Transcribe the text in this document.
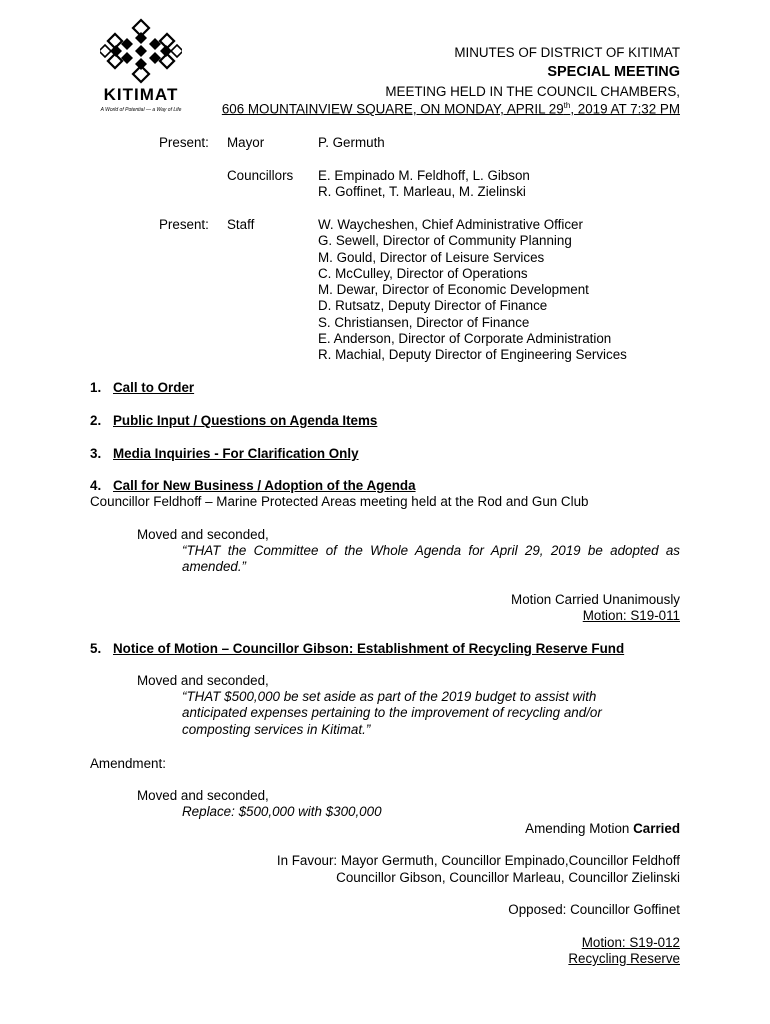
KITIMAT
A World of Potential — a Way of Life
MINUTES OF DISTRICT OF KITIMAT
SPECIAL MEETING
MEETING HELD IN THE COUNCIL CHAMBERS,
606 MOUNTAINVIEW SQUARE, ON MONDAY, APRIL 29th, 2019 AT 7:32 PM
Present: Mayor	P. Germuth
Councillors E. Empinado M. Feldhoff, L. Gibson
R. Goffinet, T. Marleau, M. Zielinski
Present: Staff	W. Waycheshen, Chief Administrative Officer
G. Sewell, Director of Community Planning
M. Gould, Director of Leisure Services
C. McCulley, Director of Operations
M. Dewar, Director of Economic Development
D. Rutsatz, Deputy Director of Finance
S. Christiansen, Director of Finance
E. Anderson, Director of Corporate Administration
R. Machial, Deputy Director of Engineering Services
1. Call to Order
2. Public Input / Questions on Agenda Items
3. Media Inquiries - For Clarification Only
4. Call for New Business / Adoption of the Agenda
Councillor Feldhoff – Marine Protected Areas meeting held at the Rod and Gun Club
Moved and seconded,
“THAT the Committee of the Whole Agenda for April 29, 2019 be adopted as amended.”
Motion Carried Unanimously
Motion: S19-011
5. Notice of Motion – Councillor Gibson: Establishment of Recycling Reserve Fund
Moved and seconded,
“THAT $500,000 be set aside as part of the 2019 budget to assist with
anticipated expenses pertaining to the improvement of recycling and/or
composting services in Kitimat.”
Amendment:
Moved and seconded,
Replace: $500,000 with $300,000
Amending Motion Carried
In Favour: Mayor Germuth, Councillor Empinado,Councillor Feldhoff
Councillor Gibson, Councillor Marleau, Councillor Zielinski
Opposed: Councillor Goffinet
Motion: S19-012
Recycling Reserve
